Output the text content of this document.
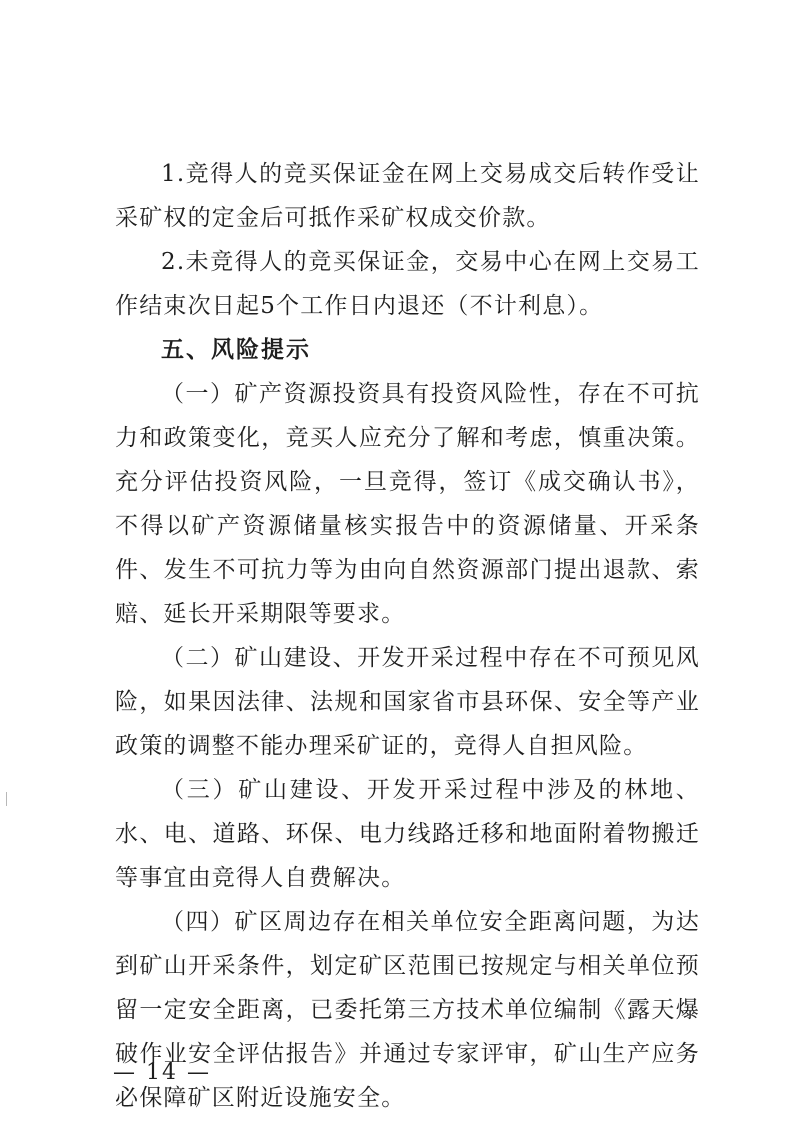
1.竞得人的竞买保证金在网上交易成交后转作受让采矿权的定金后可抵作采矿权成交价款。

2.未竞得人的竞买保证金，交易中心在网上交易工作结束次日起5个工作日内退还（不计利息）。

五、风险提示

（一）矿产资源投资具有投资风险性，存在不可抗力和政策变化，竞买人应充分了解和考虑，慎重决策。充分评估投资风险，一旦竞得，签订《成交确认书》，不得以矿产资源储量核实报告中的资源储量、开采条件、发生不可抗力等为由向自然资源部门提出退款、索赔、延长开采期限等要求。

（二）矿山建设、开发开采过程中存在不可预见风险，如果因法律、法规和国家省市县环保、安全等产业政策的调整不能办理采矿证的，竞得人自担风险。

（三）矿山建设、开发开采过程中涉及的林地、水、电、道路、环保、电力线路迁移和地面附着物搬迁等事宜由竞得人自费解决。

（四）矿区周边存在相关单位安全距离问题，为达到矿山开采条件，划定矿区范围已按规定与相关单位预留一定安全距离，已委托第三方技术单位编制《露天爆破作业安全评估报告》并通过专家评审，矿山生产应务必保障矿区附近设施安全。

— 14 —
